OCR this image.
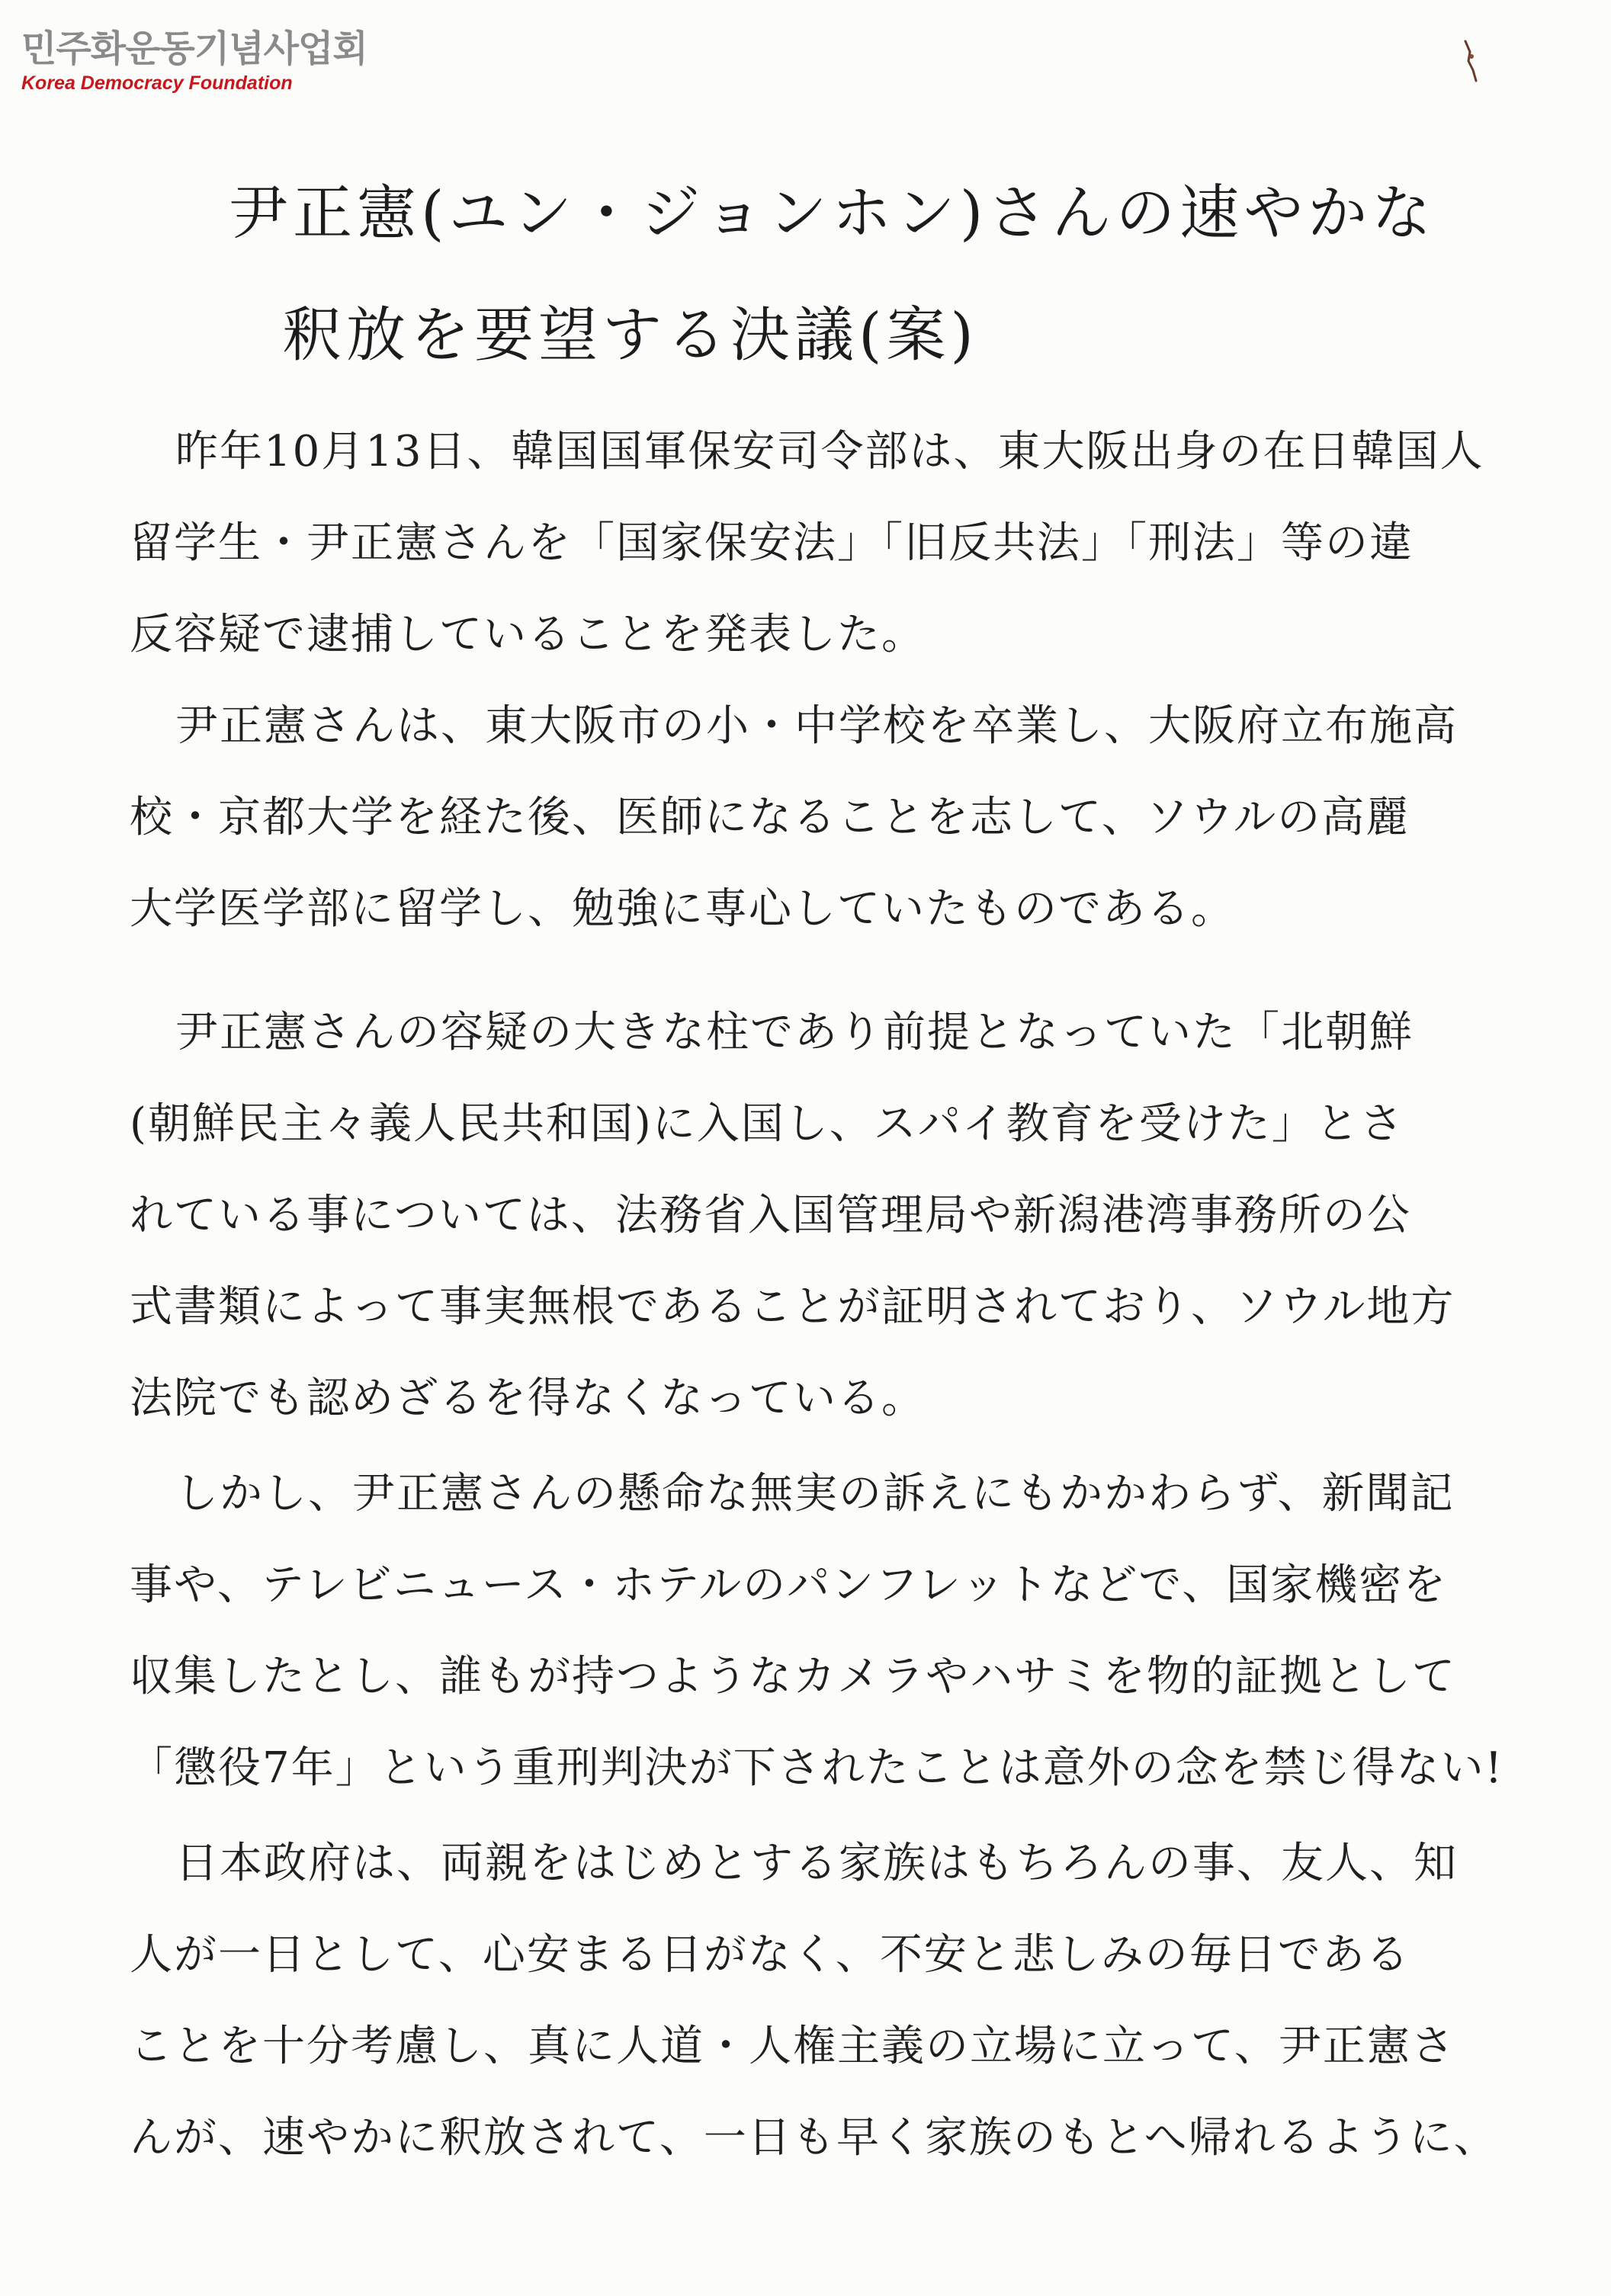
민주화운동기념사업회
Korea Democracy Foundation
尹正憲(ユン・ジョンホン)さんの速やかな
釈放を要望する決議(案)
昨年10月13日、韓国国軍保安司令部は、東大阪出身の在日韓国人
留学生・尹正憲さんを「国家保安法」「旧反共法」「刑法」等の違
反容疑で逮捕していることを発表した。
尹正憲さんは、東大阪市の小・中学校を卒業し、大阪府立布施高
校・京都大学を経た後、医師になることを志して、ソウルの高麗
大学医学部に留学し、勉強に専心していたものである。
尹正憲さんの容疑の大きな柱であり前提となっていた「北朝鮮
(朝鮮民主々義人民共和国)に入国し、スパイ教育を受けた」とさ
れている事については、法務省入国管理局や新潟港湾事務所の公
式書類によって事実無根であることが証明されており、ソウル地方
法院でも認めざるを得なくなっている。
しかし、尹正憲さんの懸命な無実の訴えにもかかわらず、新聞記
事や、テレビニュース・ホテルのパンフレットなどで、国家機密を
収集したとし、誰もが持つようなカメラやハサミを物的証拠として
「懲役7年」という重刑判決が下されたことは意外の念を禁じ得ない!
日本政府は、両親をはじめとする家族はもちろんの事、友人、知
人が一日として、心安まる日がなく、不安と悲しみの毎日である
ことを十分考慮し、真に人道・人権主義の立場に立って、尹正憲さ
んが、速やかに釈放されて、一日も早く家族のもとへ帰れるように、
